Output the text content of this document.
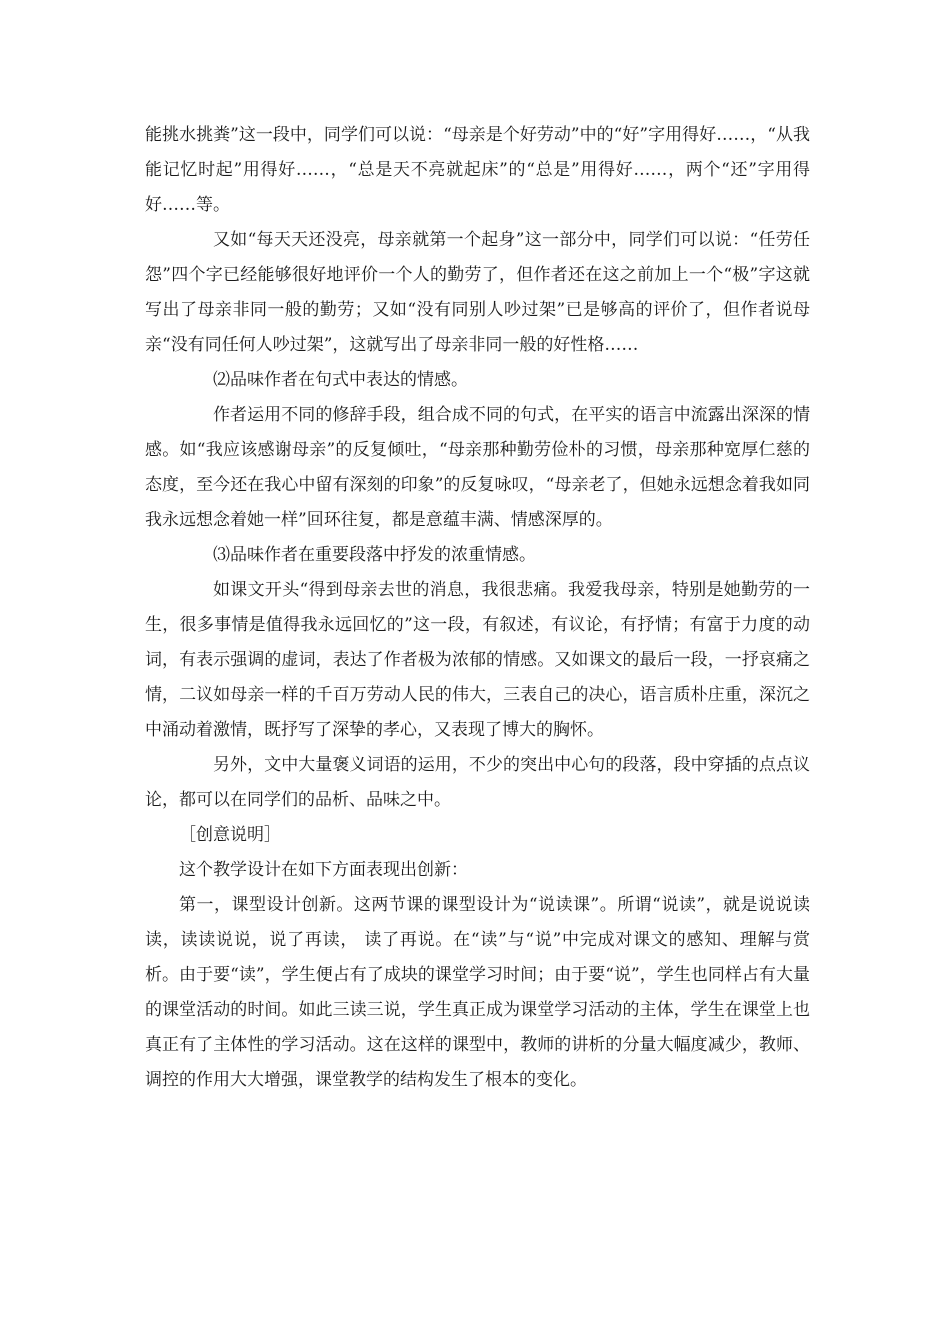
能挑水挑粪”这一段中，同学们可以说：“母亲是个好劳动”中的“好”字用得好……，“从我能记忆时起”用得好……，“总是天不亮就起床”的“总是”用得好……，两个“还”字用得好……等。

又如“每天天还没亮，母亲就第一个起身”这一部分中，同学们可以说：“任劳任怨”四个字已经能够很好地评价一个人的勤劳了，但作者还在这之前加上一个“极”字这就写出了母亲非同一般的勤劳；又如“没有同别人吵过架”已是够高的评价了，但作者说母亲“没有同任何人吵过架”，这就写出了母亲非同一般的好性格……

⑵品味作者在句式中表达的情感。

作者运用不同的修辞手段，组合成不同的句式，在平实的语言中流露出深深的情感。如“我应该感谢母亲”的反复倾吐，“母亲那种勤劳俭朴的习惯，母亲那种宽厚仁慈的态度，至今还在我心中留有深刻的印象”的反复咏叹，“母亲老了，但她永远想念着我如同我永远想念着她一样”回环往复，都是意蕴丰满、情感深厚的。

⑶品味作者在重要段落中抒发的浓重情感。

如课文开头“得到母亲去世的消息，我很悲痛。我爱我母亲，特别是她勤劳的一生，很多事情是值得我永远回忆的”这一段，有叙述，有议论，有抒情；有富于力度的动词，有表示强调的虚词，表达了作者极为浓郁的情感。又如课文的最后一段，一抒哀痛之情，二议如母亲一样的千百万劳动人民的伟大，三表自己的决心，语言质朴庄重，深沉之中涌动着激情，既抒写了深挚的孝心，又表现了博大的胸怀。

另外，文中大量褒义词语的运用，不少的突出中心句的段落，段中穿插的点点议论，都可以在同学们的品析、品味之中。

［创意说明］

这个教学设计在如下方面表现出创新：

第一，课型设计创新。这两节课的课型设计为“说读课”。所谓“说读”，就是说说读读，读读说说，说了再读， 读了再说。在“读”与“说”中完成对课文的感知、理解与赏析。由于要“读”，学生便占有了成块的课堂学习时间；由于要“说”，学生也同样占有大量的课堂活动的时间。如此三读三说，学生真正成为课堂学习活动的主体，学生在课堂上也真正有了主体性的学习活动。这在这样的课型中，教师的讲析的分量大幅度减少，教师、调控的作用大大增强，课堂教学的结构发生了根本的变化。
